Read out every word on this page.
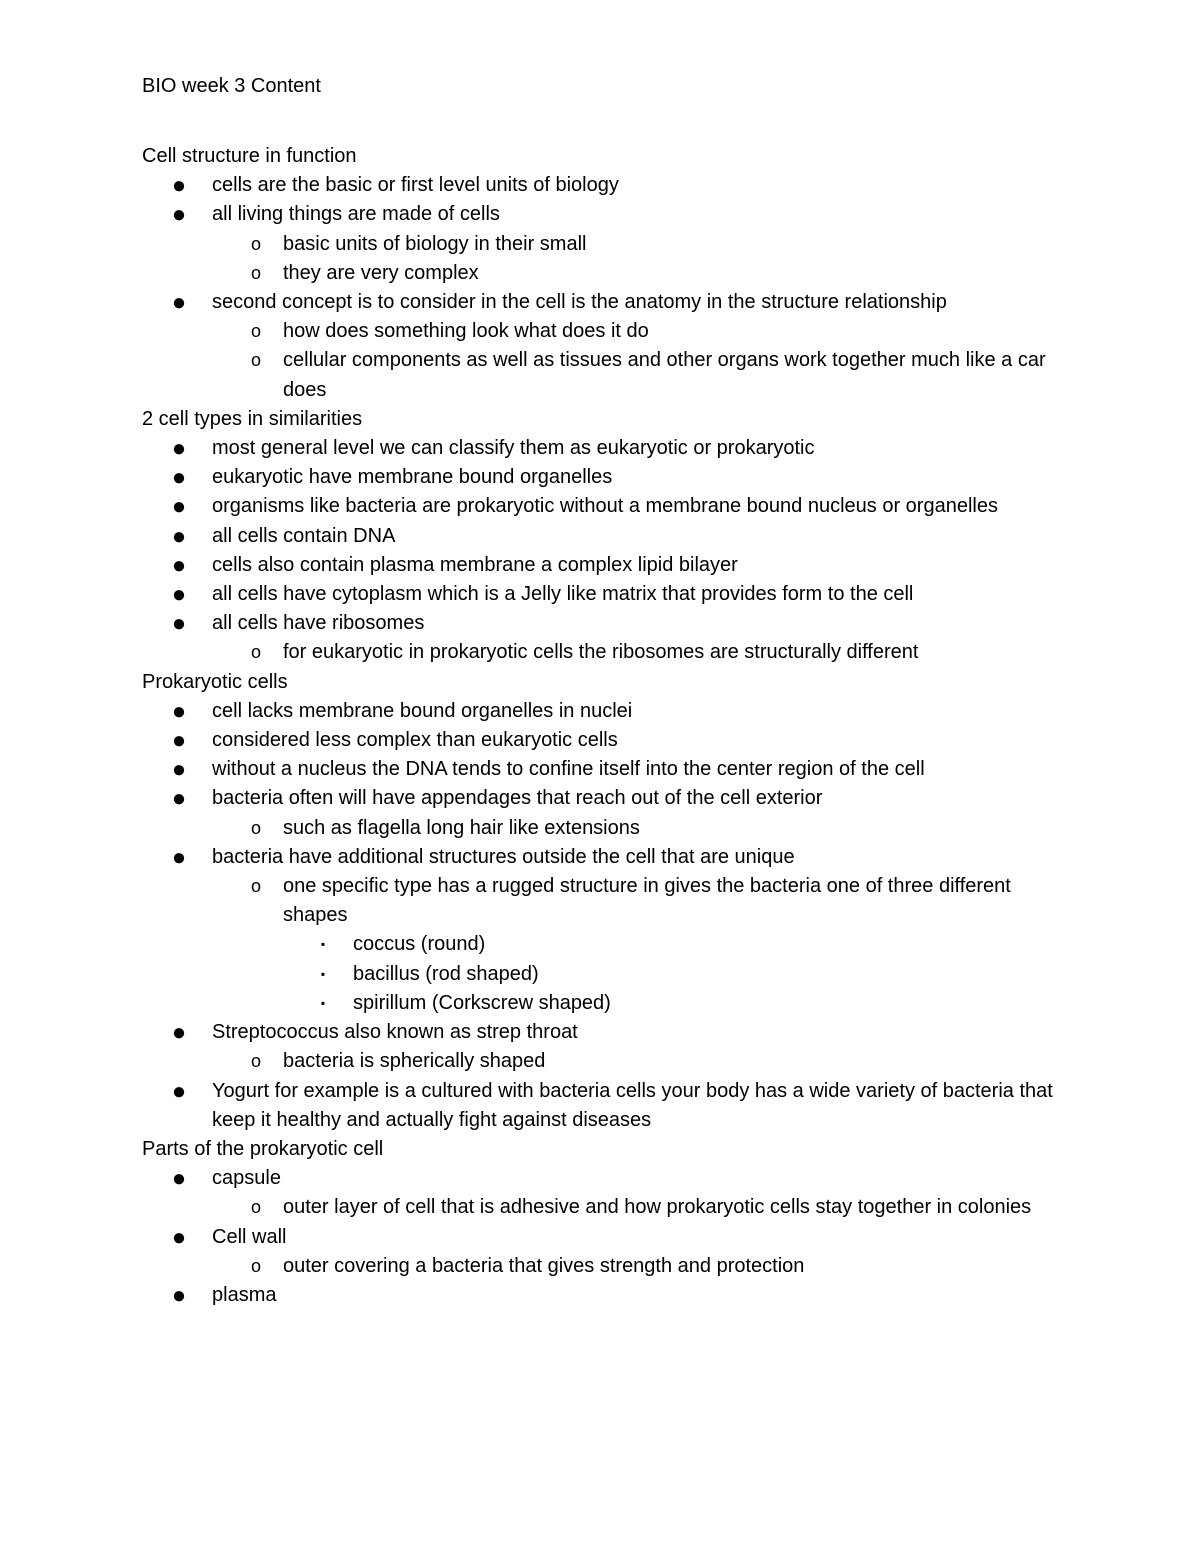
BIO week 3 Content
Cell structure in function
● cells are the basic or first level units of biology
● all living things are made of cells
o basic units of biology in their small
o they are very complex
● second concept is to consider in the cell is the anatomy in the structure relationship
o how does something look what does it do
o cellular components as well as tissues and other organs work together much like a car does
2 cell types in similarities
● most general level we can classify them as eukaryotic or prokaryotic
● eukaryotic have membrane bound organelles
● organisms like bacteria are prokaryotic without a membrane bound nucleus or organelles
● all cells contain DNA
● cells also contain plasma membrane a complex lipid bilayer
● all cells have cytoplasm which is a Jelly like matrix that provides form to the cell
● all cells have ribosomes
o for eukaryotic in prokaryotic cells the ribosomes are structurally different
Prokaryotic cells
● cell lacks membrane bound organelles in nuclei
● considered less complex than eukaryotic cells
● without a nucleus the DNA tends to confine itself into the center region of the cell
● bacteria often will have appendages that reach out of the cell exterior
o such as flagella long hair like extensions
● bacteria have additional structures outside the cell that are unique
o one specific type has a rugged structure in gives the bacteria one of three different shapes
▪	coccus (round)
▪	bacillus (rod shaped)
▪	spirillum (Corkscrew shaped)
● Streptococcus also known as strep throat
o bacteria is spherically shaped
● Yogurt for example is a cultured with bacteria cells your body has a wide variety of bacteria that keep it healthy and actually fight against diseases
Parts of the prokaryotic cell
● capsule
o outer layer of cell that is adhesive and how prokaryotic cells stay together in colonies
● Cell wall
o outer covering a bacteria that gives strength and protection
● plasma
